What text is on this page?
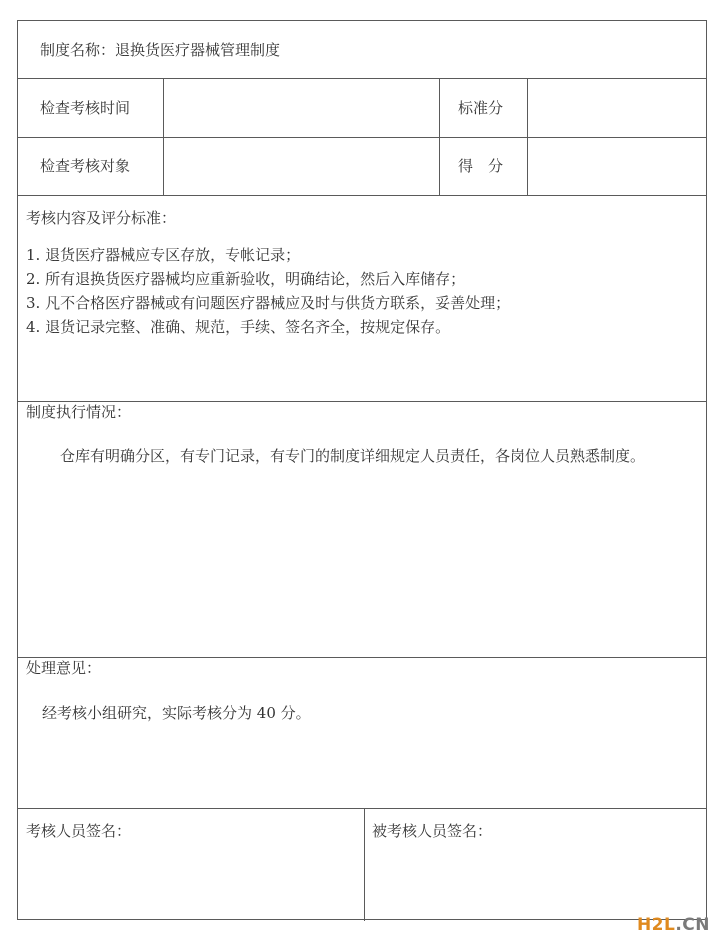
制度名称：退换货医疗器械管理制度
检查考核时间	标准分
检查考核对象	得　分
考核内容及评分标准：
1. 退货医疗器械应专区存放，专帐记录；
2. 所有退换货医疗器械均应重新验收，明确结论，然后入库储存；
3. 凡不合格医疗器械或有问题医疗器械应及时与供货方联系，妥善处理；
4. 退货记录完整、准确、规范，手续、签名齐全，按规定保存。
制度执行情况：
仓库有明确分区，有专门记录，有专门的制度详细规定人员责任，各岗位人员熟悉制度。
处理意见：
经考核小组研究，实际考核分为 40 分。
考核人员签名：	被考核人员签名：
H2L.CN
